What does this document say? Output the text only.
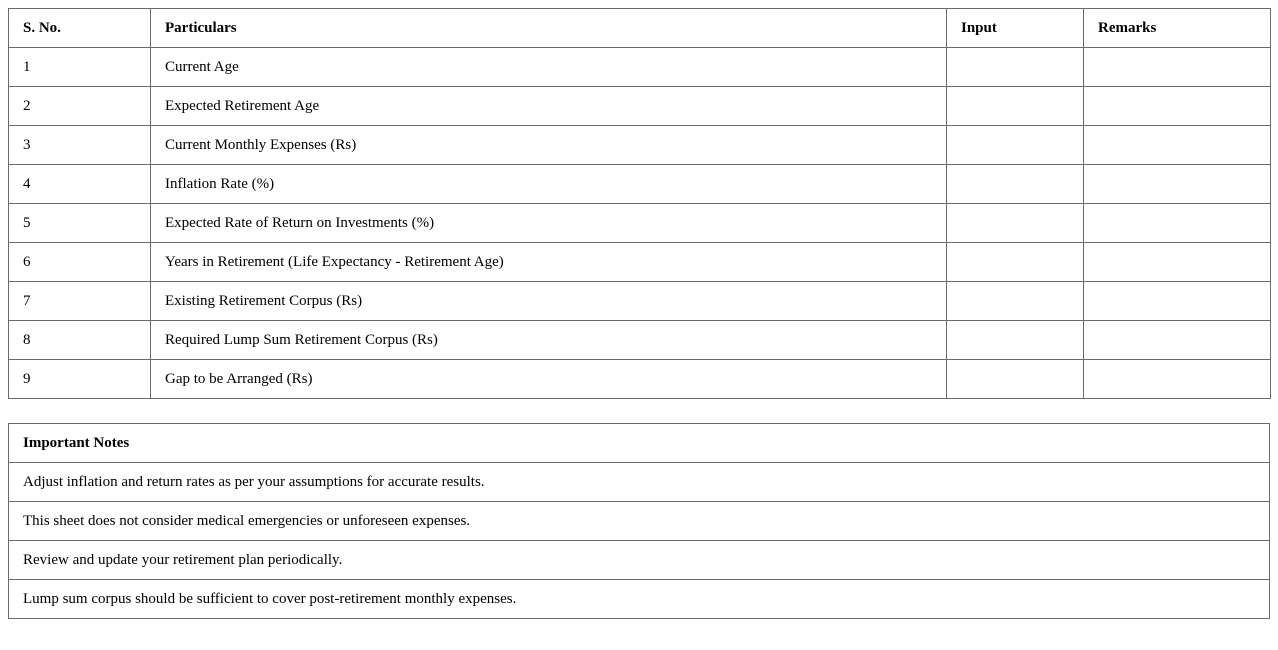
S. No.	Particulars	Input	Remarks
1	Current Age		
2	Expected Retirement Age		
3	Current Monthly Expenses (Rs)		
4	Inflation Rate (%)		
5	Expected Rate of Return on Investments (%)		
6	Years in Retirement (Life Expectancy - Retirement Age)		
7	Existing Retirement Corpus (Rs)		
8	Required Lump Sum Retirement Corpus (Rs)		
9	Gap to be Arranged (Rs)		
Important Notes
Adjust inflation and return rates as per your assumptions for accurate results.
This sheet does not consider medical emergencies or unforeseen expenses.
Review and update your retirement plan periodically.
Lump sum corpus should be sufficient to cover post-retirement monthly expenses.
